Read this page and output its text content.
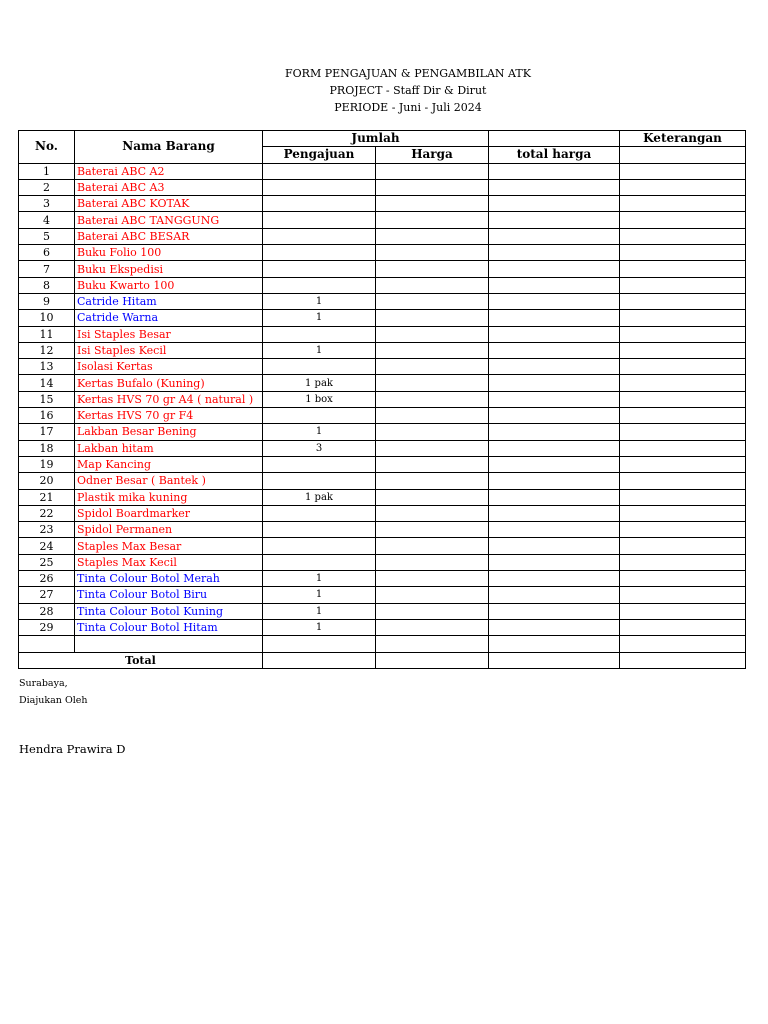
FORM PENGAJUAN & PENGAMBILAN ATK
PROJECT - Staff Dir & Dirut
PERIODE - Juni - Juli 2024
No.	Nama Barang	Jumlah			Keterangan
		Pengajuan	Harga	total harga	
1	Baterai ABC A2				
2	Baterai ABC A3				
3	Baterai ABC KOTAK				
4	Baterai ABC TANGGUNG				
5	Baterai ABC BESAR				
6	Buku Folio 100				
7	Buku Ekspedisi				
8	Buku Kwarto 100				
9	Catride Hitam	1			
10	Catride Warna	1			
11	Isi Staples Besar				
12	Isi Staples Kecil	1			
13	Isolasi Kertas				
14	Kertas Bufalo (Kuning)	1 pak			
15	Kertas HVS 70 gr A4 ( natural )	1 box			
16	Kertas HVS 70 gr F4				
17	Lakban Besar Bening	1			
18	Lakban hitam	3			
19	Map Kancing				
20	Odner Besar ( Bantek )				
21	Plastik mika kuning	1 pak			
22	Spidol Boardmarker				
23	Spidol Permanen				
24	Staples Max Besar				
25	Staples Max Kecil				
26	Tinta Colour Botol Merah	1			
27	Tinta Colour Botol Biru	1			
28	Tinta Colour Botol Kuning	1			
29	Tinta Colour Botol Hitam	1			

Total					
Surabaya,
Diajukan Oleh
Hendra Prawira D
